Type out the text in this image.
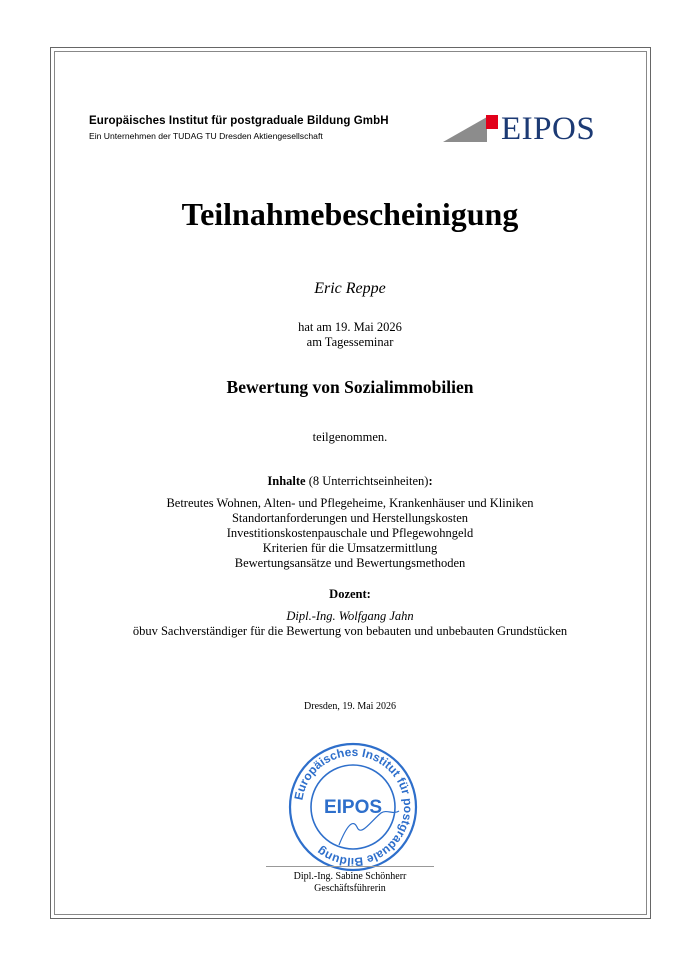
Europäisches Institut für postgraduale Bildung GmbH
Ein Unternehmen der TUDAG TU Dresden Aktiengesellschaft	EIPOS
Teilnahmebescheinigung
Eric Reppe
hat am 19. Mai 2026
am Tagesseminar
Bewertung von Sozialimmobilien
teilgenommen.
Inhalte (8 Unterrichtseinheiten):
Betreutes Wohnen, Alten- und Pflegeheime, Krankenhäuser und Kliniken
Standortanforderungen und Herstellungskosten
Investitionskostenpauschale und Pflegewohngeld
Kriterien für die Umsatzermittlung
Bewertungsansätze und Bewertungsmethoden
Dozent:
Dipl.-Ing. Wolfgang Jahn
öbuv Sachverständiger für die Bewertung von bebauten und unbebauten Grundstücken
Dresden, 19. Mai 2026
Europäisches Institut für postgraduale Bildung
EIPOS
Dipl.-Ing. Sabine Schönherr
Geschäftsführerin
